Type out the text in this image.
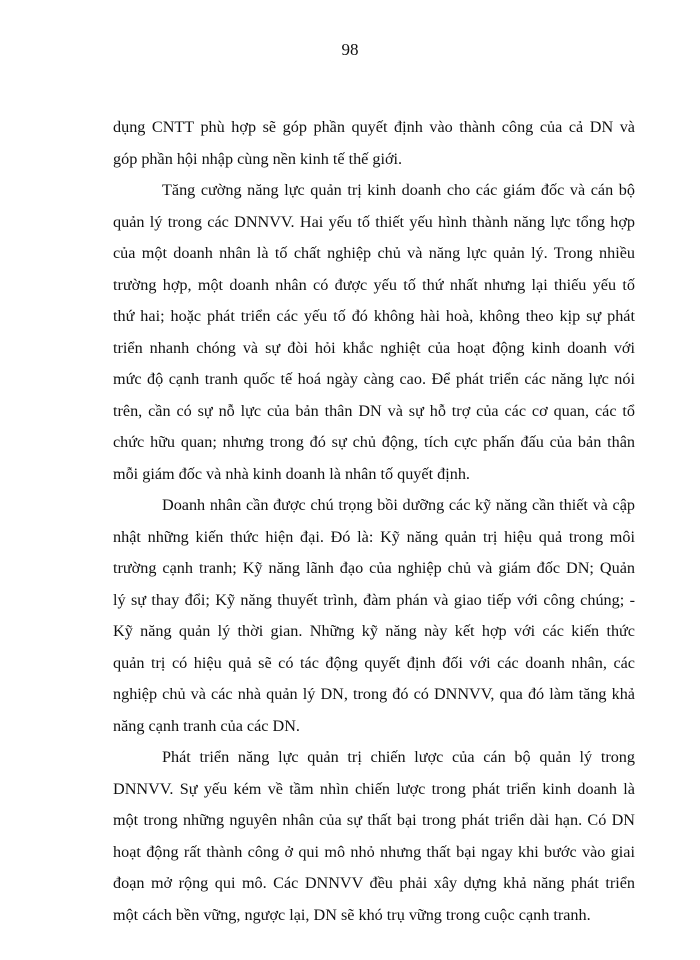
98
dụng CNTT phù hợp sẽ góp phần quyết định vào thành công của cả DN và
góp phần hội nhập cùng nền kinh tế thế giới.
Tăng cường năng lực quản trị kinh doanh cho các giám đốc và cán bộ
quản lý trong các DNNVV. Hai yếu tố thiết yếu hình thành năng lực tổng hợp
của một doanh nhân là tố chất nghiệp chủ và năng lực quản lý. Trong nhiều
trường hợp, một doanh nhân có được yếu tố thứ nhất nhưng lại thiếu yếu tố
thứ hai; hoặc phát triển các yếu tố đó không hài hoà, không theo kịp sự phát
triển nhanh chóng và sự đòi hỏi khắc nghiệt của hoạt động kinh doanh với
mức độ cạnh tranh quốc tế hoá ngày càng cao. Để phát triển các năng lực nói
trên, cần có sự nỗ lực của bản thân DN và sự hỗ trợ của các cơ quan, các tổ
chức hữu quan; nhưng trong đó sự chủ động, tích cực phấn đấu của bản thân
mỗi giám đốc và nhà kinh doanh là nhân tố quyết định.
Doanh nhân cần được chú trọng bồi dưỡng các kỹ năng cần thiết và cập
nhật những kiến thức hiện đại. Đó là: Kỹ năng quản trị hiệu quả trong môi
trường cạnh tranh; Kỹ năng lãnh đạo của nghiệp chủ và giám đốc DN; Quản
lý sự thay đổi; Kỹ năng thuyết trình, đàm phán và giao tiếp với công chúng; -
Kỹ năng quản lý thời gian. Những kỹ năng này kết hợp với các kiến thức
quản trị có hiệu quả sẽ có tác động quyết định đối với các doanh nhân, các
nghiệp chủ và các nhà quản lý DN, trong đó có DNNVV, qua đó làm tăng khả
năng cạnh tranh của các DN.
Phát triển năng lực quản trị chiến lược của cán bộ quản lý trong
DNNVV. Sự yếu kém về tầm nhìn chiến lược trong phát triển kinh doanh là
một trong những nguyên nhân của sự thất bại trong phát triển dài hạn. Có DN
hoạt động rất thành công ở qui mô nhỏ nhưng thất bại ngay khi bước vào giai
đoạn mở rộng qui mô. Các DNNVV đều phải xây dựng khả năng phát triển
một cách bền vững, ngược lại, DN sẽ khó trụ vững trong cuộc cạnh tranh.
